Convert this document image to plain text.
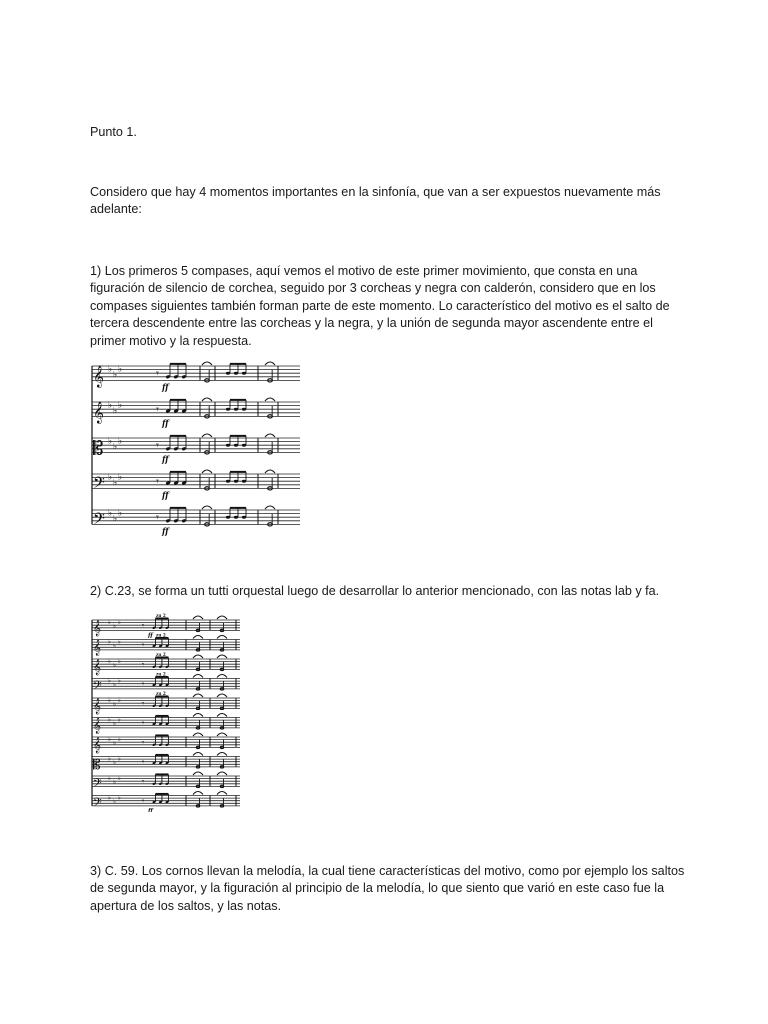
Punto 1.

Considero que hay 4 momentos importantes en la sinfonía, que van a ser expuestos nuevamente más adelante:

1) Los primeros 5 compases, aquí vemos el motivo de este primer movimiento, que consta en una figuración de silencio de corchea, seguido por 3 corcheas y negra con calderón, considero que en los compases siguientes también forman parte de este momento. Lo característico del motivo es el salto de tercera descendente entre las corcheas y la negra, y la unión de segunda mayor ascendente entre el primer motivo y la respuesta.

𝄞 ♭
♭
♭	𝄾
ff
𝄞 ♭
♭
♭	𝄾
ff
𝄡 ♭
♭
♭	𝄾
ff
𝄢 ♭
♭
♭	𝄾
ff
𝄢 ♭
♭
♭	𝄾
ff

2) C.23, se forma un tutti orquestal luego de desarrollar lo anterior mencionado, con las notas lab y fa.

𝄞 ♭
♭
♭	𝄾
ff
zu 2
𝄞 ♭
♭
♭	𝄾
zu 2
𝄞 ♭
♭
♭	𝄾
zu 2
𝄢 ♭
♭
♭	𝄾
zu 2
𝄞 ♭
♭
♭	𝄾
zu 2
𝄞 ♭
♭
♭	𝄾
𝄞 ♭
♭
♭	𝄾
𝄡 ♭
♭
♭	𝄾
𝄢 ♭
♭
♭	𝄾
𝄢 ♭
♭
♭	𝄾
ff

3) C. 59. Los cornos llevan la melodía, la cual tiene características del motivo, como por ejemplo los saltos de segunda mayor, y la figuración al principio de la melodía, lo que siento que varió en este caso fue la apertura de los saltos, y las notas.
